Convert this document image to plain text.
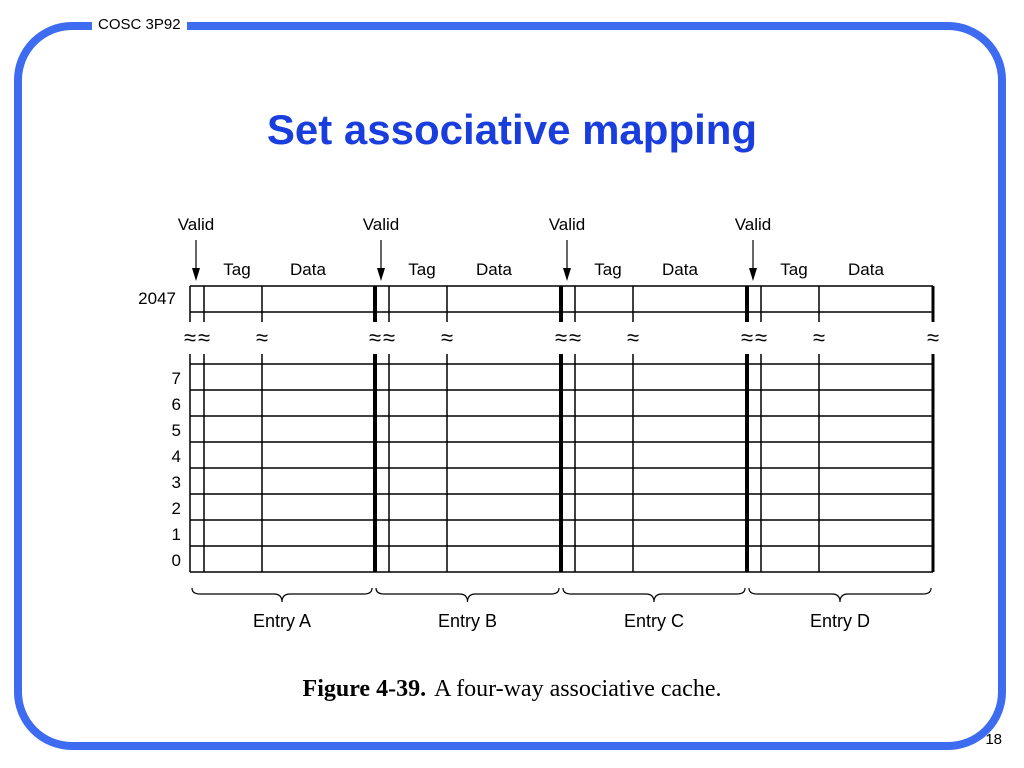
COSC 3P92
Set associative mapping
≈ ≈ ≈	≈ ≈ ≈	≈ ≈ ≈	≈ ≈ ≈	≈
2047
7
6
5
4
3
2
1
0
Valid
Tag Data
Valid
Tag Data
Valid
Tag Data
Valid
Tag Data
Entry A	Entry B	Entry C	Entry D
Figure 4-39. A four-way associative cache.
18
